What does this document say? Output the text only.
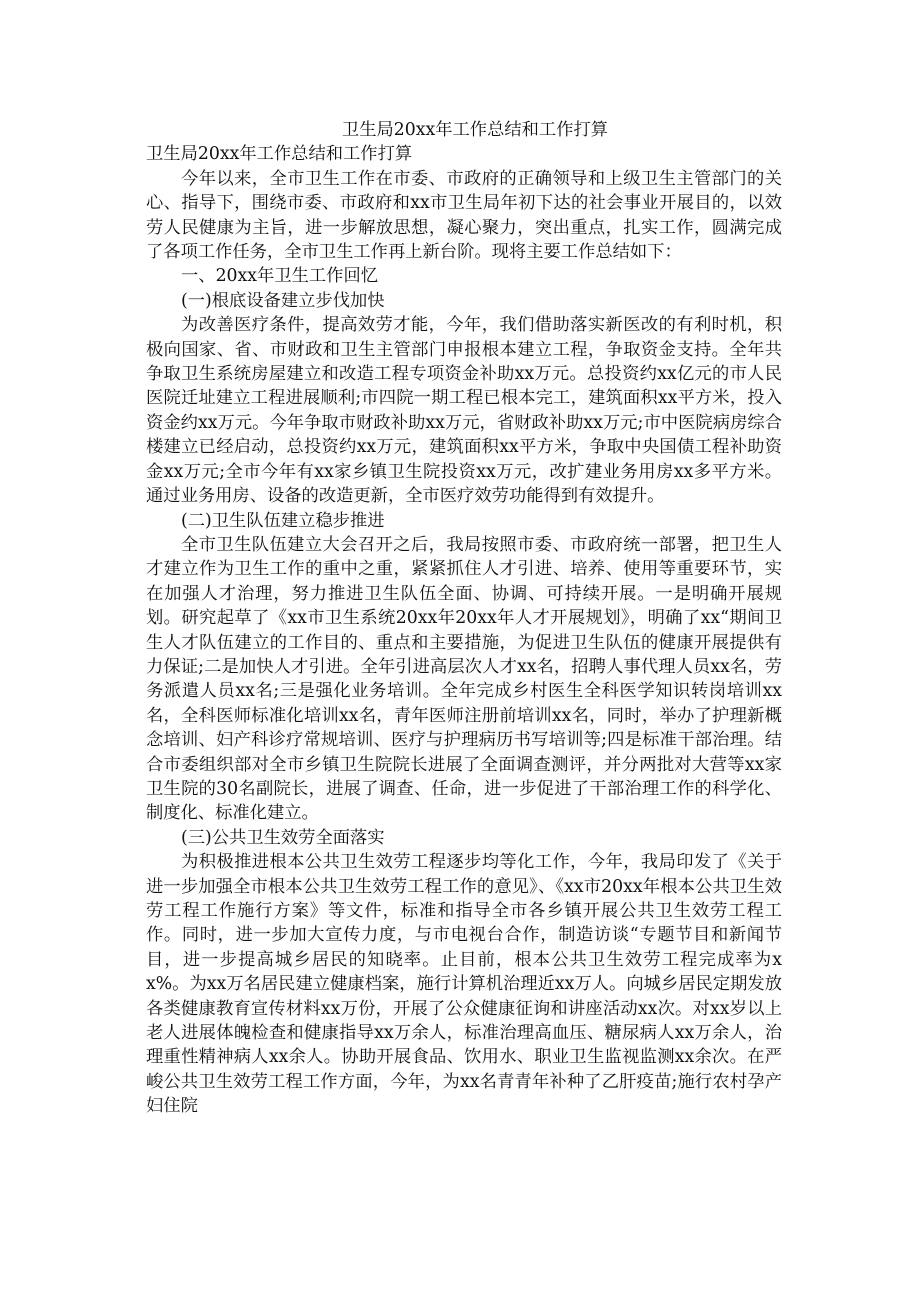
卫生局20xx年工作总结和工作打算
卫生局20xx年工作总结和工作打算

今年以来，全市卫生工作在市委、市政府的正确领导和上级卫生主管部门的关心、指导下，围绕市委、市政府和xx市卫生局年初下达的社会事业开展目的，以效劳人民健康为主旨，进一步解放思想，凝心聚力，突出重点，扎实工作，圆满完成了各项工作任务，全市卫生工作再上新台阶。现将主要工作总结如下：

一、20xx年卫生工作回忆

(一)根底设备建立步伐加快

为改善医疗条件，提高效劳才能，今年，我们借助落实新医改的有利时机，积极向国家、省、市财政和卫生主管部门申报根本建立工程，争取资金支持。全年共争取卫生系统房屋建立和改造工程专项资金补助xx万元。总投资约xx亿元的市人民医院迁址建立工程进展顺利;市四院一期工程已根本完工，建筑面积xx平方米，投入资金约xx万元。今年争取市财政补助xx万元，省财政补助xx万元;市中医院病房综合楼建立已经启动，总投资约xx万元，建筑面积xx平方米，争取中央国债工程补助资金xx万元;全市今年有xx家乡镇卫生院投资xx万元，改扩建业务用房xx多平方米。通过业务用房、设备的改造更新，全市医疗效劳功能得到有效提升。

(二)卫生队伍建立稳步推进

全市卫生队伍建立大会召开之后，我局按照市委、市政府统一部署，把卫生人才建立作为卫生工作的重中之重，紧紧抓住人才引进、培养、使用等重要环节，实在加强人才治理，努力推进卫生队伍全面、协调、可持续开展。一是明确开展规划。研究起草了《xx市卫生系统20xx年20xx年人才开展规划》，明确了xx“期间卫生人才队伍建立的工作目的、重点和主要措施，为促进卫生队伍的健康开展提供有力保证;二是加快人才引进。全年引进高层次人才xx名，招聘人事代理人员xx名，劳务派遣人员xx名;三是强化业务培训。全年完成乡村医生全科医学知识转岗培训xx名，全科医师标准化培训xx名，青年医师注册前培训xx名，同时，举办了护理新概念培训、妇产科诊疗常规培训、医疗与护理病历书写培训等;四是标准干部治理。结合市委组织部对全市乡镇卫生院院长进展了全面调查测评，并分两批对大营等xx家卫生院的30名副院长，进展了调查、任命，进一步促进了干部治理工作的科学化、制度化、标准化建立。

(三)公共卫生效劳全面落实

为积极推进根本公共卫生效劳工程逐步均等化工作，今年，我局印发了《关于进一步加强全市根本公共卫生效劳工程工作的意见》、《xx市20xx年根本公共卫生效劳工程工作施行方案》等文件，标准和指导全市各乡镇开展公共卫生效劳工程工作。同时，进一步加大宣传力度，与市电视台合作，制造访谈“专题节目和新闻节目，进一步提高城乡居民的知晓率。止目前，根本公共卫生效劳工程完成率为xx%。为xx万名居民建立健康档案，施行计算机治理近xx万人。向城乡居民定期发放各类健康教育宣传材料xx万份，开展了公众健康征询和讲座活动xx次。对xx岁以上老人进展体魄检查和健康指导xx万余人，标准治理高血压、糖尿病人xx万余人，治理重性精神病人xx余人。协助开展食品、饮用水、职业卫生监视监测xx余次。在严峻公共卫生效劳工程工作方面，今年，为xx名青青年补种了乙肝疫苗;施行农村孕产妇住院
